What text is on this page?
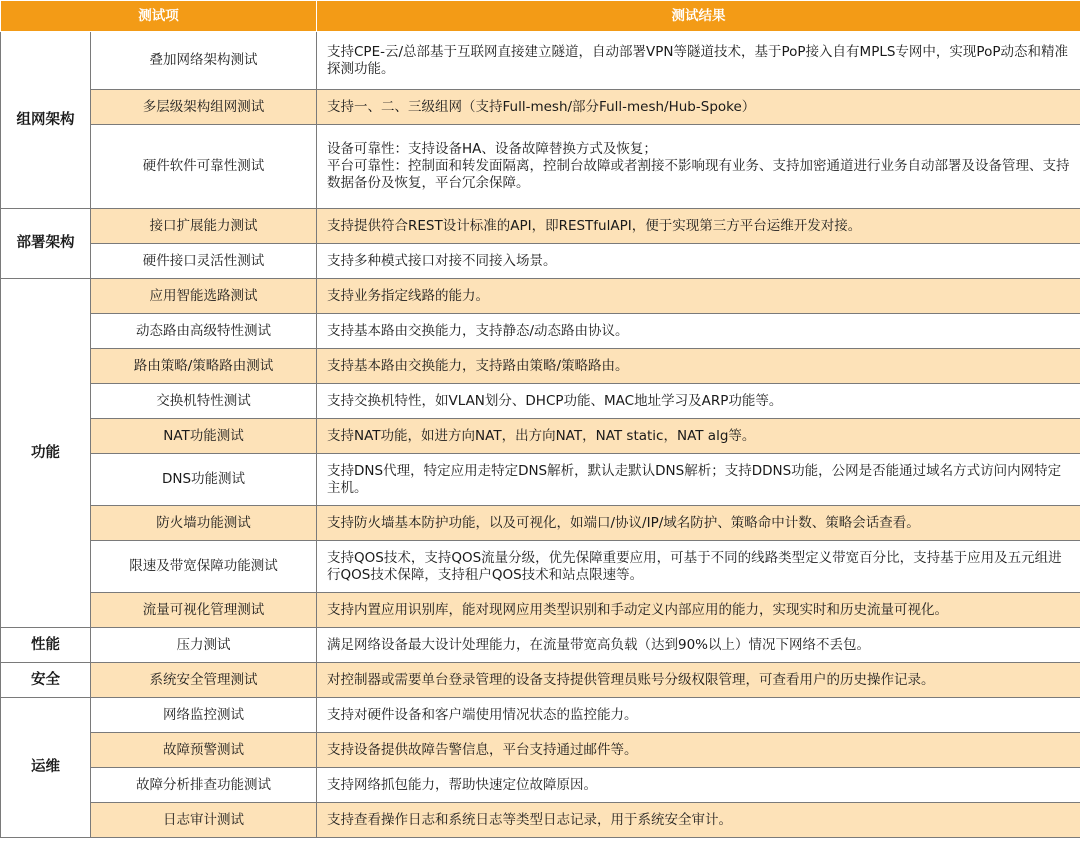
测试项		测试结果
组网架构	叠加网络架构测试	支持CPE-云/总部基于互联网直接建立隧道，自动部署VPN等隧道技术，基于PoP接入自有MPLS专网中，实现PoP动态和精准探测功能。
	多层级架构组网测试	支持一、二、三级组网（支持Full-mesh/部分Full-mesh/Hub-Spoke）
	硬件软件可靠性测试	设备可靠性：支持设备HA、设备故障替换方式及恢复；
平台可靠性：控制面和转发面隔离，控制台故障或者割接不影响现有业务、支持加密通道进行业务自动部署及设备管理、支持数据备份及恢复，平台冗余保障。
部署架构	接口扩展能力测试	支持提供符合REST设计标准的API，即RESTfulAPI，便于实现第三方平台运维开发对接。
	硬件接口灵活性测试	支持多种模式接口对接不同接入场景。
功能	应用智能选路测试	支持业务指定线路的能力。
	动态路由高级特性测试	支持基本路由交换能力，支持静态/动态路由协议。
	路由策略/策略路由测试	支持基本路由交换能力，支持路由策略/策略路由。
	交换机特性测试	支持交换机特性，如VLAN划分、DHCP功能、MAC地址学习及ARP功能等。
	NAT功能测试	支持NAT功能，如进方向NAT，出方向NAT，NAT static，NAT alg等。
	DNS功能测试	支持DNS代理，特定应用走特定DNS解析，默认走默认DNS解析；支持DDNS功能，公网是否能通过域名方式访问内网特定主机。
	防火墙功能测试	支持防火墙基本防护功能，以及可视化，如端口/协议/IP/域名防护、策略命中计数、策略会话查看。
	限速及带宽保障功能测试	支持QOS技术，支持QOS流量分级，优先保障重要应用，可基于不同的线路类型定义带宽百分比，支持基于应用及五元组进行QOS技术保障，支持租户QOS技术和站点限速等。
	流量可视化管理测试	支持内置应用识别库，能对现网应用类型识别和手动定义内部应用的能力，实现实时和历史流量可视化。
性能	压力测试	满足网络设备最大设计处理能力，在流量带宽高负载（达到90%以上）情况下网络不丢包。
安全	系统安全管理测试	对控制器或需要单台登录管理的设备支持提供管理员账号分级权限管理，可查看用户的历史操作记录。
运维	网络监控测试	支持对硬件设备和客户端使用情况状态的监控能力。
	故障预警测试	支持设备提供故障告警信息，平台支持通过邮件等。
	故障分析排查功能测试	支持网络抓包能力，帮助快速定位故障原因。
	日志审计测试	支持查看操作日志和系统日志等类型日志记录，用于系统安全审计。
